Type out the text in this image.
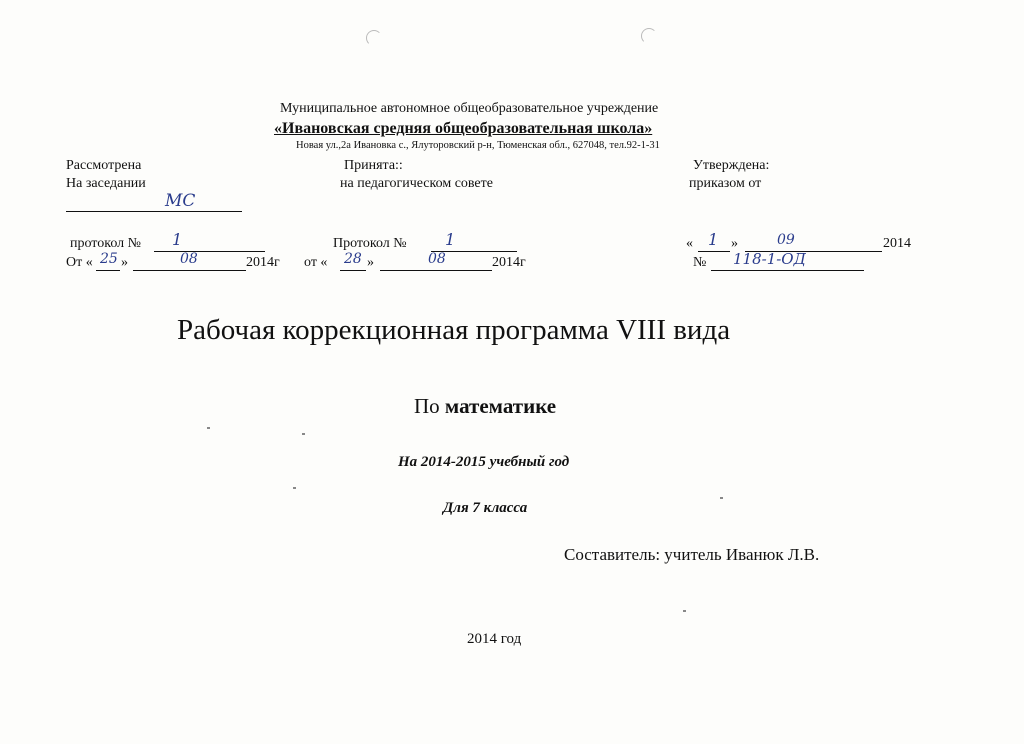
Муниципальное автономное общеобразовательное учреждение
«Ивановская средняя общеобразовательная школа»
Новая ул.,2а Ивановка с., Ялуторовский р-н, Тюменская обл., 627048, тел.92-1-31
Рассмотрена
На заседании
МС
протокол № 1
От « 25 »	08	2014г
Принята::
на педагогическом совете
Протокол № 1
от « 28 »	08	2014г
Утверждена:
приказом от
« 1 »	09	2014
№ 118-1-ОД
Рабочая коррекционная программа VIII вида
По математике
На 2014-2015 учебный год
Для 7 класса
Составитель: учитель Иванюк Л.В.
2014 год
